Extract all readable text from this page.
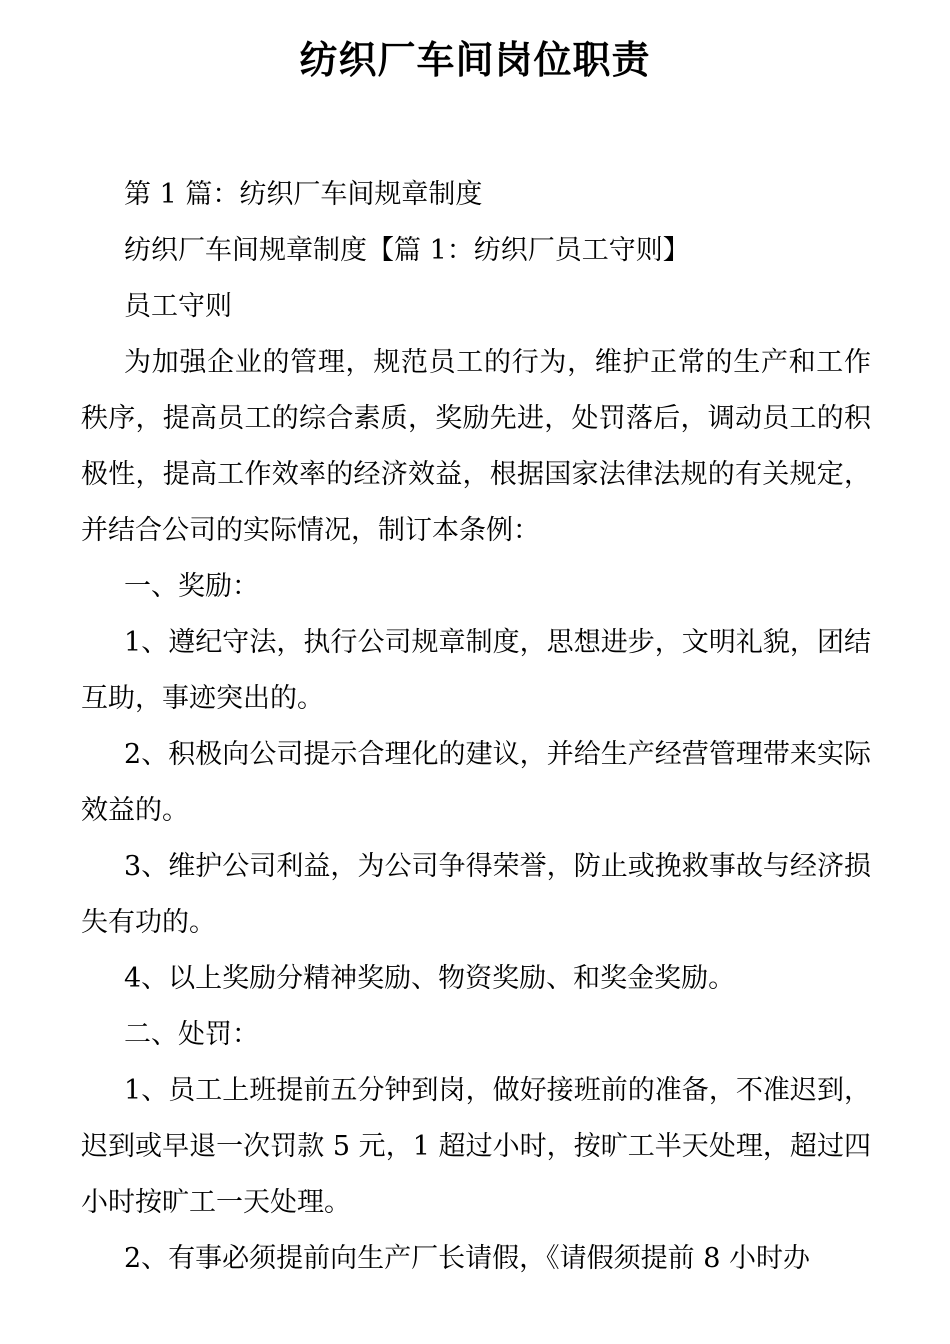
纺织厂车间岗位职责

第 1 篇：纺织厂车间规章制度

纺织厂车间规章制度【篇 1：纺织厂员工守则】

员工守则

为加强企业的管理，规范员工的行为，维护正常的生产和工作秩序，提高员工的综合素质，奖励先进，处罚落后，调动员工的积极性，提高工作效率的经济效益，根据国家法律法规的有关规定，并结合公司的实际情况，制订本条例：

一、奖励：

1、遵纪守法，执行公司规章制度，思想进步，文明礼貌，团结互助，事迹突出的。

2、积极向公司提示合理化的建议，并给生产经营管理带来实际效益的。

3、维护公司利益，为公司争得荣誉，防止或挽救事故与经济损失有功的。

4、以上奖励分精神奖励、物资奖励、和奖金奖励。

二、处罚：

1、员工上班提前五分钟到岗，做好接班前的准备，不准迟到，迟到或早退一次罚款 5 元，1 超过小时，按旷工半天处理，超过四小时按旷工一天处理。

2、有事必须提前向生产厂长请假，《请假须提前 8 小时办
